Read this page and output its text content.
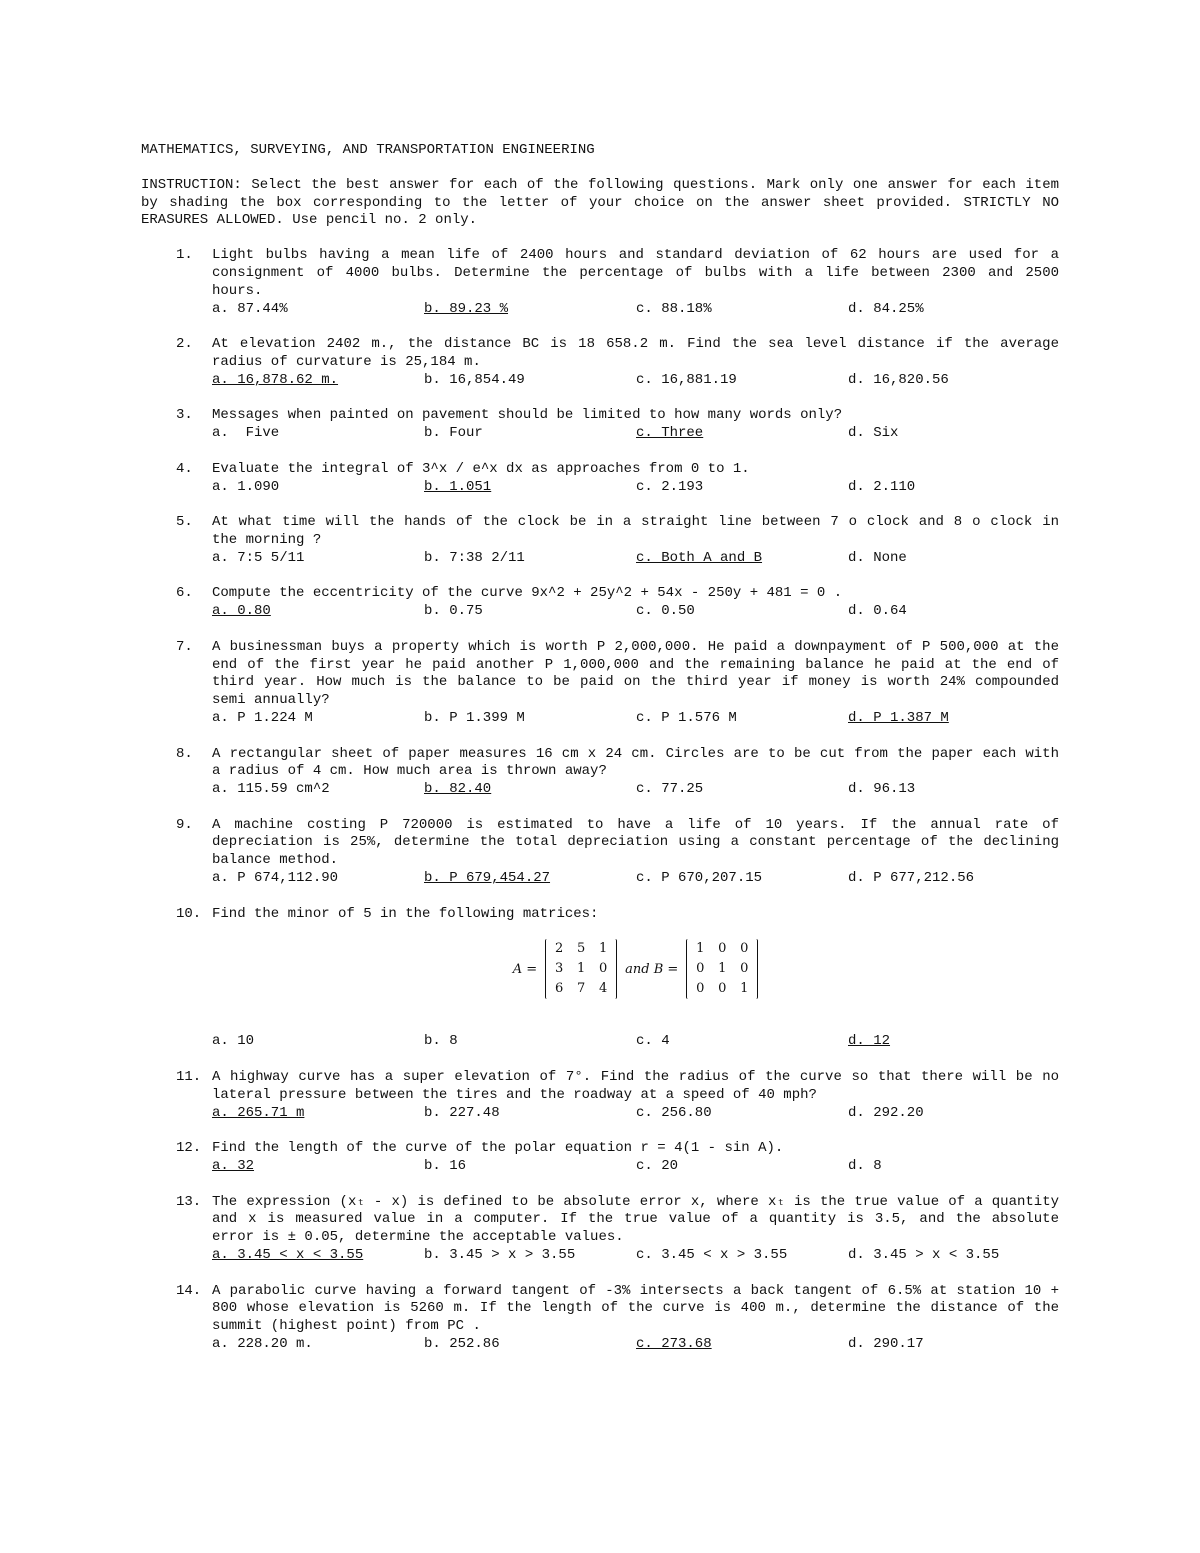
MATHEMATICS, SURVEYING, AND TRANSPORTATION ENGINEERING
INSTRUCTION: Select the best answer for each of the following questions. Mark only one answer for each item by shading the box corresponding to the letter of your choice on the answer sheet provided. STRICTLY NO ERASURES ALLOWED. Use pencil no. 2 only.
1. Light bulbs having a mean life of 2400 hours and standard deviation of 62 hours are used for a consignment of 4000 bulbs. Determine the percentage of bulbs with a life between 2300 and 2500 hours.
a. 87.44%	b. 89.23 %	c. 88.18%	d. 84.25%
2. At elevation 2402 m., the distance BC is 18 658.2 m. Find the sea level distance if the average radius of curvature is 25,184 m.
a. 16,878.62 m.	b. 16,854.49	c. 16,881.19	d. 16,820.56
3. Messages when painted on pavement should be limited to how many words only?
a.  Five	b. Four	c. Three	d. Six
4. Evaluate the integral of 3^x / e^x dx as approaches from 0 to 1.
a. 1.090	b. 1.051	c. 2.193	d. 2.110
5. At what time will the hands of the clock be in a straight line between 7 o clock and 8 o clock in the morning ?
a. 7:5 5/11	b. 7:38 2/11	c. Both A and B	d. None
6. Compute the eccentricity of the curve 9x^2 + 25y^2 + 54x - 250y + 481 = 0 .
a. 0.80	b. 0.75	c. 0.50	d. 0.64
7. A businessman buys a property which is worth P 2,000,000. He paid a downpayment of P 500,000 at the end of the first year he paid another P 1,000,000 and the remaining balance he paid at the end of third year. How much is the balance to be paid on the third year if money is worth 24% compounded semi annually?
a. P 1.224 M	b. P 1.399 M	c. P 1.576 M	d. P 1.387 M
8. A rectangular sheet of paper measures 16 cm x 24 cm. Circles are to be cut from the paper each with a radius of 4 cm. How much area is thrown away?
a. 115.59 cm^2	b. 82.40	c. 77.25	d. 96.13
9. A machine costing P 720000 is estimated to have a life of 10 years. If the annual rate of depreciation is 25%, determine the total depreciation using a constant percentage of the declining balance method.
a. P 674,112.90	b. P 679,454.27	c. P 670,207.15	d. P 677,212.56
10. Find the minor of 5 in the following matrices:
A =
2	5	1
3	1	0
6	7	4
and B =
1	0	0
0	1	0
0	0	1
a. 10	b. 8	c. 4	d. 12
11. A highway curve has a super elevation of 7°. Find the radius of the curve so that there will be no lateral pressure between the tires and the roadway at a speed of 40 mph?
a. 265.71 m	b. 227.48	c. 256.80	d. 292.20
12. Find the length of the curve of the polar equation r = 4(1 - sin A).
a. 32	b. 16	c. 20	d. 8
13. The expression (xₜ - x) is defined to be absolute error x, where xₜ is the true value of a quantity and x is measured value in a computer. If the true value of a quantity is 3.5, and the absolute error is ± 0.05, determine the acceptable values.
a. 3.45 < x < 3.55	b. 3.45 > x > 3.55	c. 3.45 < x > 3.55	d. 3.45 > x < 3.55
14. A parabolic curve having a forward tangent of -3% intersects a back tangent of 6.5% at station 10 + 800 whose elevation is 5260 m. If the length of the curve is 400 m., determine the distance of the summit (highest point) from PC .
a. 228.20 m.	b. 252.86	c. 273.68	d. 290.17
